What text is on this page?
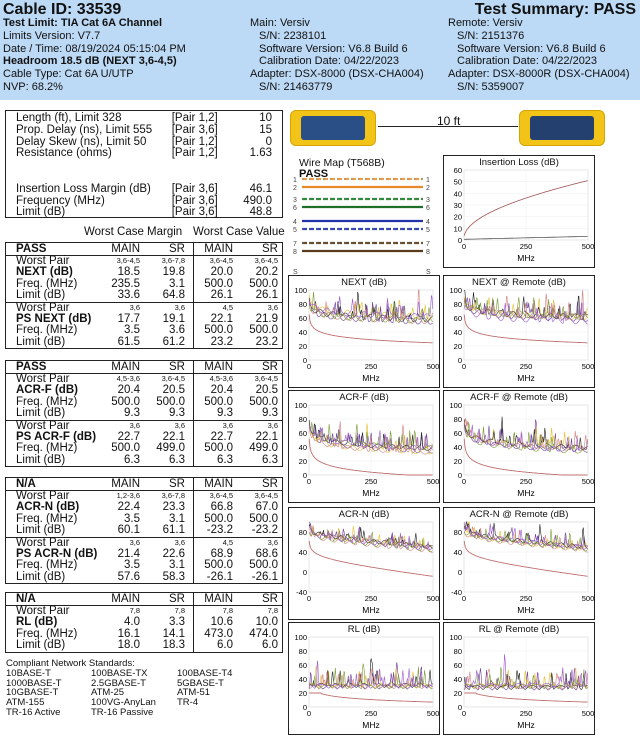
Cable ID: 33539	Test Summary: PASS
Test Limit: TIA Cat 6A Channel
Limits Version: V7.7
Date / Time: 08/19/2024 05:15:04 PM
Headroom 18.5 dB (NEXT 3,6-4,5)
Cable Type: Cat 6A U/UTP
NVP: 68.2%
Main: Versiv
S/N: 2238101
Software Version: V6.8 Build 6
Calibration Date: 04/22/2023
Adapter: DSX-8000 (DSX-CHA004)
S/N: 21463779
Remote: Versiv
S/N: 2151376
Software Version: V6.8 Build 6
Calibration Date: 04/22/2023
Adapter: DSX-8000R (DSX-CHA004)
S/N: 5359007
Length (ft), Limit 328	[Pair 1,2]	10
Prop. Delay (ns), Limit 555	[Pair 3,6]	15
Delay Skew (ns), Limit 50	[Pair 1,2]	0
Resistance (ohms)	[Pair 1,2]	1.63
Insertion Loss Margin (dB)	[Pair 3,6]	46.1
Frequency (MHz)	[Pair 3,6]	490.0
Limit (dB)	[Pair 3,6]	48.8
Worst Case Margin Worst Case Value
PASS	MAIN	SR	MAIN	SR
Worst Pair	3,6-4,5	3,6-7,8	3,6-4,5	3,6-4,5
NEXT (dB)	18.5	19.8	20.0	20.2
Freq. (MHz)	235.5	3.1	500.0	500.0
Limit (dB)	33.6	64.8	26.1	26.1
Worst Pair	3,6	3,6	4,5	3,6
PS NEXT (dB)	17.7	19.1	22.1	21.9
Freq. (MHz)	3.5	3.6	500.0	500.0
Limit (dB)	61.5	61.2	23.2	23.2
PASS	MAIN	SR	MAIN	SR
Worst Pair	4,5-3,6	3,6-4,5	4,5-3,6	3,6-4,5
ACR-F (dB)	20.4	20.5	20.4	20.5
Freq. (MHz)	500.0	500.0	500.0	500.0
Limit (dB)	9.3	9.3	9.3	9.3
Worst Pair	3,6	3,6	3,6	3,6
PS ACR-F (dB)	22.7	22.1	22.7	22.1
Freq. (MHz)	500.0	499.0	500.0	499.0
Limit (dB)	6.3	6.3	6.3	6.3
N/A	MAIN	SR	MAIN	SR
Worst Pair	1,2-3,6	3,6-7,8	3,6-4,5	3,6-4,5
ACR-N (dB)	22.4	23.3	66.8	67.0
Freq. (MHz)	3.5	3.1	500.0	500.0
Limit (dB)	60.1	61.1	-23.2	-23.2
Worst Pair	3,6	3,6	4,5	3,6
PS ACR-N (dB)	21.4	22.6	68.9	68.6
Freq. (MHz)	3.5	3.1	500.0	500.0
Limit (dB)	57.6	58.3	-26.1	-26.1
N/A	MAIN	SR	MAIN	SR
Worst Pair	7,8	7,8	7,8	7,8
RL (dB)	4.0	3.3	10.6	10.0
Freq. (MHz)	16.1	14.1	473.0	474.0
Limit (dB)	18.0	18.3	6.0	6.0
Compliant Network Standards:
10BASE-T	100BASE-TX	100BASE-T4
1000BASE-T	2.5GBASE-T	5GBASE-T
10GBASE-T	ATM-25	ATM-51
ATM-155	100VG-AnyLan	TR-4
TR-16 Active	TR-16 Passive
10 ft
Wire Map (T568B)
PASS
1	1
2	2
3	3
6	6
4	4
5	5
7	7
8	8
S	S
Insertion Loss (dB)
0
10
20
30
40
50
60
0	250	500
MHz
NEXT (dB)
0
20
40
60
80
100
0	250	500
MHz
NEXT @ Remote (dB)
0
20
40
60
80
100
0	250	500
MHz
ACR-F (dB)
0
20
40
60
80
100
0	250	500
MHz
ACR-F @ Remote (dB)
0
20
40
60
80
100
0	250	500
MHz
ACR-N (dB)
-40
0
40
80
0	250	500
MHz
ACR-N @ Remote (dB)
-40
0
40
80
0	250	500
MHz
RL (dB)
0
20
40
60
80
100
0	250	500
MHz
RL @ Remote (dB)
0
20
40
60
80
100
0	250	500
MHz
